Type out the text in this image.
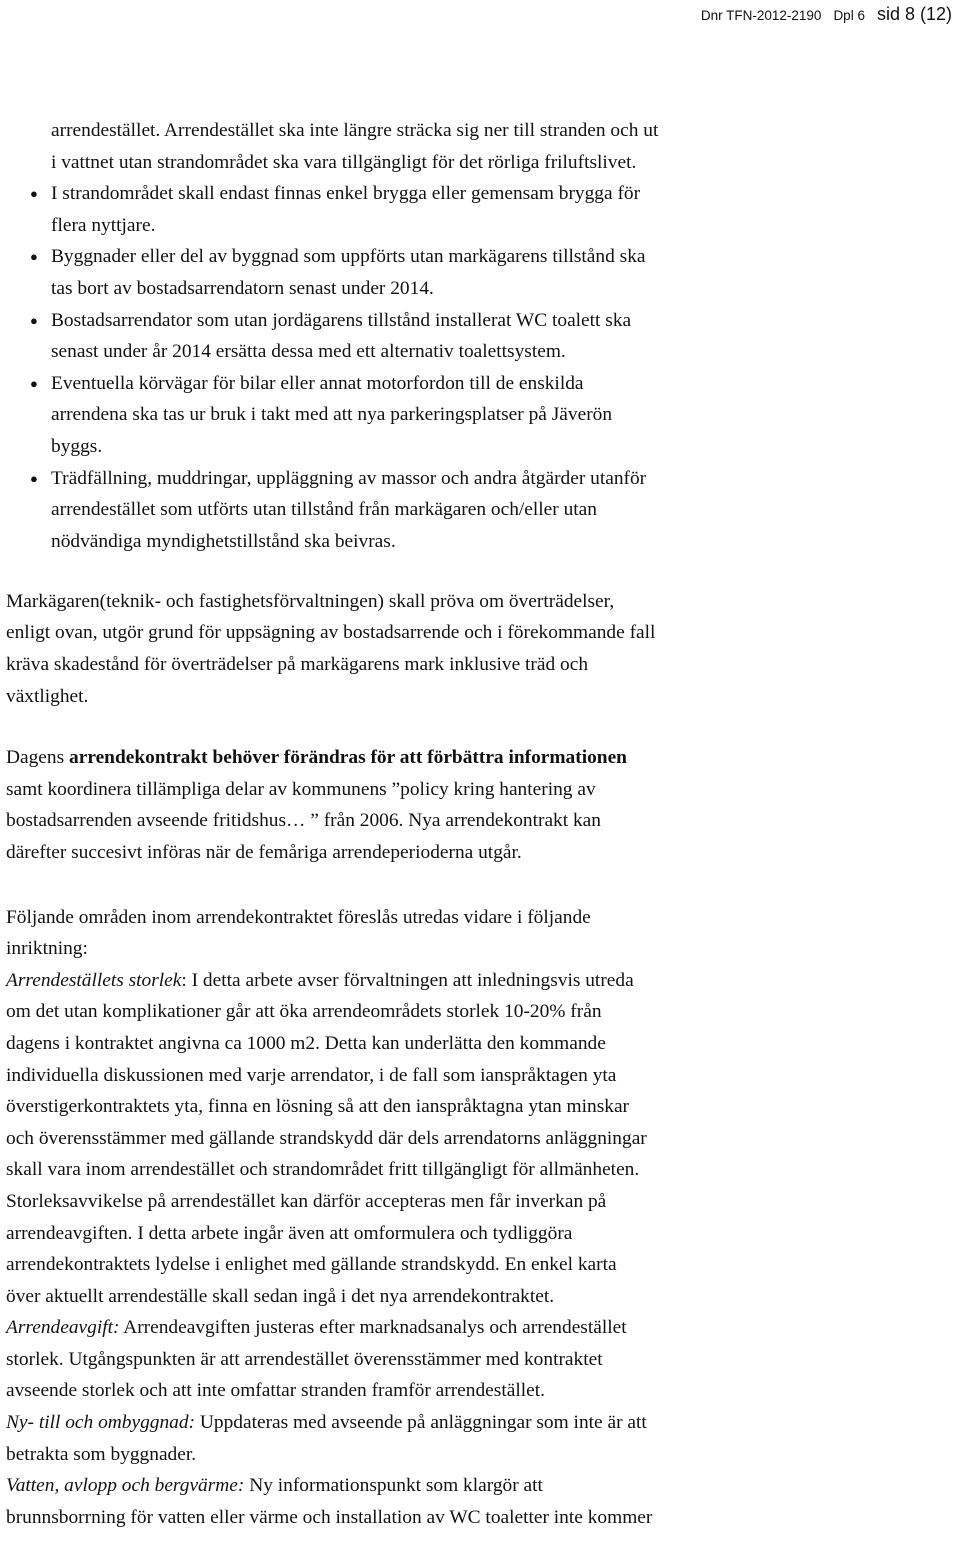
Dnr TFN-2012-2190 Dpl 6 sid 8 (12)

arrendestället. Arrendestället ska inte längre sträcka sig ner till stranden och ut
i vattnet utan strandområdet ska vara tillgängligt för det rörliga friluftslivet.

● I strandområdet skall endast finnas enkel brygga eller gemensam brygga för
flera nyttjare.
● Byggnader eller del av byggnad som uppförts utan markägarens tillstånd ska
tas bort av bostadsarrendatorn senast under 2014.
● Bostadsarrendator som utan jordägarens tillstånd installerat WC toalett ska
senast under år 2014 ersätta dessa med ett alternativ toalettsystem.
● Eventuella körvägar för bilar eller annat motorfordon till de enskilda
arrendena ska tas ur bruk i takt med att nya parkeringsplatser på Jäverön
byggs.
● Trädfällning, muddringar, uppläggning av massor och andra åtgärder utanför
arrendestället som utförts utan tillstånd från markägaren och/eller utan
nödvändiga myndighetstillstånd ska beivras.

Markägaren(teknik- och fastighetsförvaltningen) skall pröva om överträdelser,
enligt ovan, utgör grund för uppsägning av bostadsarrende och i förekommande fall
kräva skadestånd för överträdelser på markägarens mark inklusive träd och
växtlighet.

Dagens arrendekontrakt behöver förändras för att förbättra informationen
samt koordinera tillämpliga delar av kommunens ”policy kring hantering av
bostadsarrenden avseende fritidshus… ” från 2006. Nya arrendekontrakt kan
därefter succesivt införas när de femåriga arrendeperioderna utgår.

Följande områden inom arrendekontraktet föreslås utredas vidare i följande
inriktning:

Arrendeställets storlek: I detta arbete avser förvaltningen att inledningsvis utreda
om det utan komplikationer går att öka arrendeområdets storlek 10-20% från
dagens i kontraktet angivna ca 1000 m2. Detta kan underlätta den kommande
individuella diskussionen med varje arrendator, i de fall som ianspråktagen yta
överstigerkontraktets yta, finna en lösning så att den ianspråktagna ytan minskar
och överensstämmer med gällande strandskydd där dels arrendatorns anläggningar
skall vara inom arrendestället och strandområdet fritt tillgängligt för allmänheten.
Storleksavvikelse på arrendestället kan därför accepteras men får inverkan på
arrendeavgiften. I detta arbete ingår även att omformulera och tydliggöra
arrendekontraktets lydelse i enlighet med gällande strandskydd. En enkel karta
över aktuellt arrendeställe skall sedan ingå i det nya arrendekontraktet.

Arrendeavgift: Arrendeavgiften justeras efter marknadsanalys och arrendestället
storlek. Utgångspunkten är att arrendestället överensstämmer med kontraktet
avseende storlek och att inte omfattar stranden framför arrendestället.

Ny- till och ombyggnad: Uppdateras med avseende på anläggningar som inte är att
betrakta som byggnader.

Vatten, avlopp och bergvärme: Ny informationspunkt som klargör att
brunnsborrning för vatten eller värme och installation av WC toaletter inte kommer
